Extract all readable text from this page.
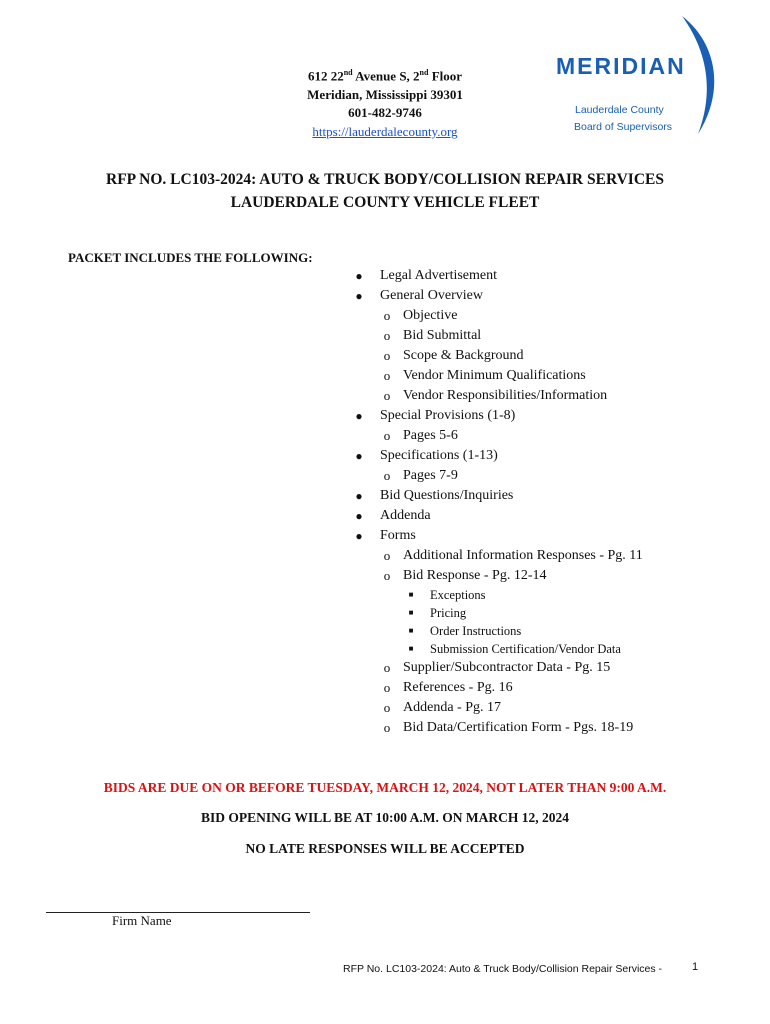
612 22nd Avenue S, 2nd Floor
Meridian, Mississippi 39301
601-482-9746
https://lauderdalecounty.org
MERIDIAN
Lauderdale County
Board of Supervisors
RFP NO. LC103-2024: AUTO & TRUCK BODY/COLLISION REPAIR SERVICES
LAUDERDALE COUNTY VEHICLE FLEET
PACKET INCLUDES THE FOLLOWING:
● Legal Advertisement
● General Overview
o Objective
o Bid Submittal
o Scope & Background
o Vendor Minimum Qualifications
o Vendor Responsibilities/Information
● Special Provisions (1-8)
o Pages 5-6
● Specifications (1-13)
o Pages 7-9
● Bid Questions/Inquiries
● Addenda
● Forms
o Additional Information Responses - Pg. 11
o Bid Response - Pg. 12-14
■	Exceptions
■	Pricing
■	Order Instructions
■	Submission Certification/Vendor Data
o Supplier/Subcontractor Data - Pg. 15
o References - Pg. 16
o Addenda - Pg. 17
o Bid Data/Certification Form - Pgs. 18-19
BIDS ARE DUE ON OR BEFORE TUESDAY, MARCH 12, 2024, NOT LATER THAN 9:00 A.M.
BID OPENING WILL BE AT 10:00 A.M. ON MARCH 12, 2024
NO LATE RESPONSES WILL BE ACCEPTED
Firm Name
RFP No. LC103-2024: Auto & Truck Body/Collision Repair Services -	1
